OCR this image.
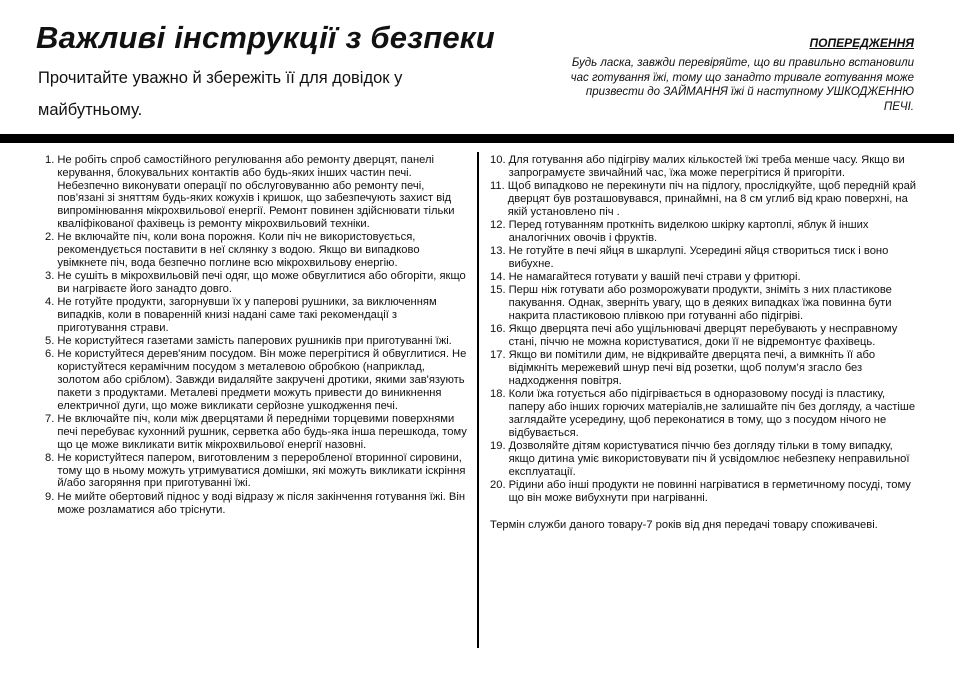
Важливі інструкції з безпеки

Прочитайте уважно й збережіть її для довідок у майбутньому.

ПОПЕРЕДЖЕННЯ

Будь ласка, завжди перевіряйте, що ви правильно встановили час готування їжі, тому що занадто тривале готування може призвести до ЗАЙМАННЯ їжі й наступному УШКОДЖЕННЮ ПЕЧІ.

1. Не робіть спроб самостійного регулювання або ремонту дверцят, панелі керування, блокувальних контактів або будь-яких інших частин печі. Небезпечно виконувати операції по обслуговуванню або ремонту печі, пов’язані зі зняттям будь-яких кожухів і кришок, що забезпечують захист від випромінювання мікрохвильової енергії. Ремонт повинен здійснювати тільки кваліфікованої фахівець із ремонту мікрохвильовий техніки.
2. Не включайте піч, коли вона порожня. Коли піч не використовується, рекомендується поставити в неї склянку з водою. Якщо ви випадково увімкнете піч, вода безпечно поглине всю мікрохвильову енергію.
3. Не сушіть в мікрохвильовій печі одяг, що може обвуглитися або обгоріти, якщо ви нагріваєте його занадто довго.
4. Не готуйте продукти, загорнувши їх у паперові рушники, за виключенням випадків, коли в поваренній книзі надані саме такі рекомендації з приготування страви.
5. Не користуйтеся газетами замість паперових рушників при приготуванні їжі.
6. Не користуйтеся дерев'яним посудом. Він може перегрітися й обвуглитися. Не користуйтеся керамічним посудом з металевою обробкою (наприклад, золотом або сріблом). Завжди видаляйте закручені дротики, якими зав'язують пакети з продуктами. Металеві предмети можуть привести до виникнення електричної дуги, що може викликати серйозне ушкодження печі.
7. Не включайте піч, коли між дверцятами й передніми торцевими поверхнями печі перебуває кухонний рушник, серветка або будь-яка інша перешкода, тому що це може викликати витік мікрохвильової енергії назовні.
8. Не користуйтеся папером, виготовленим з переробленої вторинної сировини, тому що в ньому можуть утримуватися домішки, які можуть викликати іскріння й/або загоряння при приготуванні їжі.
9. Не мийте обертовий піднос у воді відразу ж після закінчення готування їжі. Він може розламатися або тріснути.
10. Для готування або підігріву малих кількостей їжі треба менше часу. Якщо ви запрограмуєте звичайний час, їжа може перегрітися й пригоріти.
11. Щоб випадково не перекинути піч на підлогу, прослідкуйте, щоб передній край дверцят був розташовувався, принаймні, на 8 см углиб від краю поверхні, на якій установлено піч .
12. Перед готуванням проткніть виделкою шкірку картоплі, яблук й інших аналогічних овочів і фруктів.
13. Не готуйте в печі яйця в шкарлупі. Усередині яйця створиться тиск і воно вибухне.
14. Не намагайтеся готувати у вашій печі страви у фритюрі.
15. Перш ніж готувати або розморожувати продукти, зніміть з них пластикове пакування. Однак, зверніть увагу, що в деяких випадках їжа повинна бути накрита пластиковою плівкою при готуванні або підігріві.
16. Якщо дверцята печі або ущільнювачі дверцят перебувають у несправному стані, піччю не можна користуватися, доки її не відремонтує фахівець.
17. Якщо ви помітили дим, не відкривайте дверцята печі, а вимкніть її або відімкніть мережевий шнур печі від розетки, щоб полум’я згасло без надходження повітря.
18. Коли їжа готується або підігрівається в одноразовому посуді із пластику, паперу або інших горючих матеріалів,не залишайте піч без догляду, а частіше заглядайте усередину, щоб переконатися в тому, що з посудом нічого не відбувається.
19. Дозволяйте дітям користуватися піччю без догляду тільки в тому випадку, якщо дитина уміє використовувати піч й усвідомлює небезпеку неправильної експлуатації.
20. Рідини або інші продукти не повинні нагріватися в герметичному посуді, тому що він може вибухнути при нагріванні.
Термін служби даного товару-7 років від дня передачі товару споживачеві.
